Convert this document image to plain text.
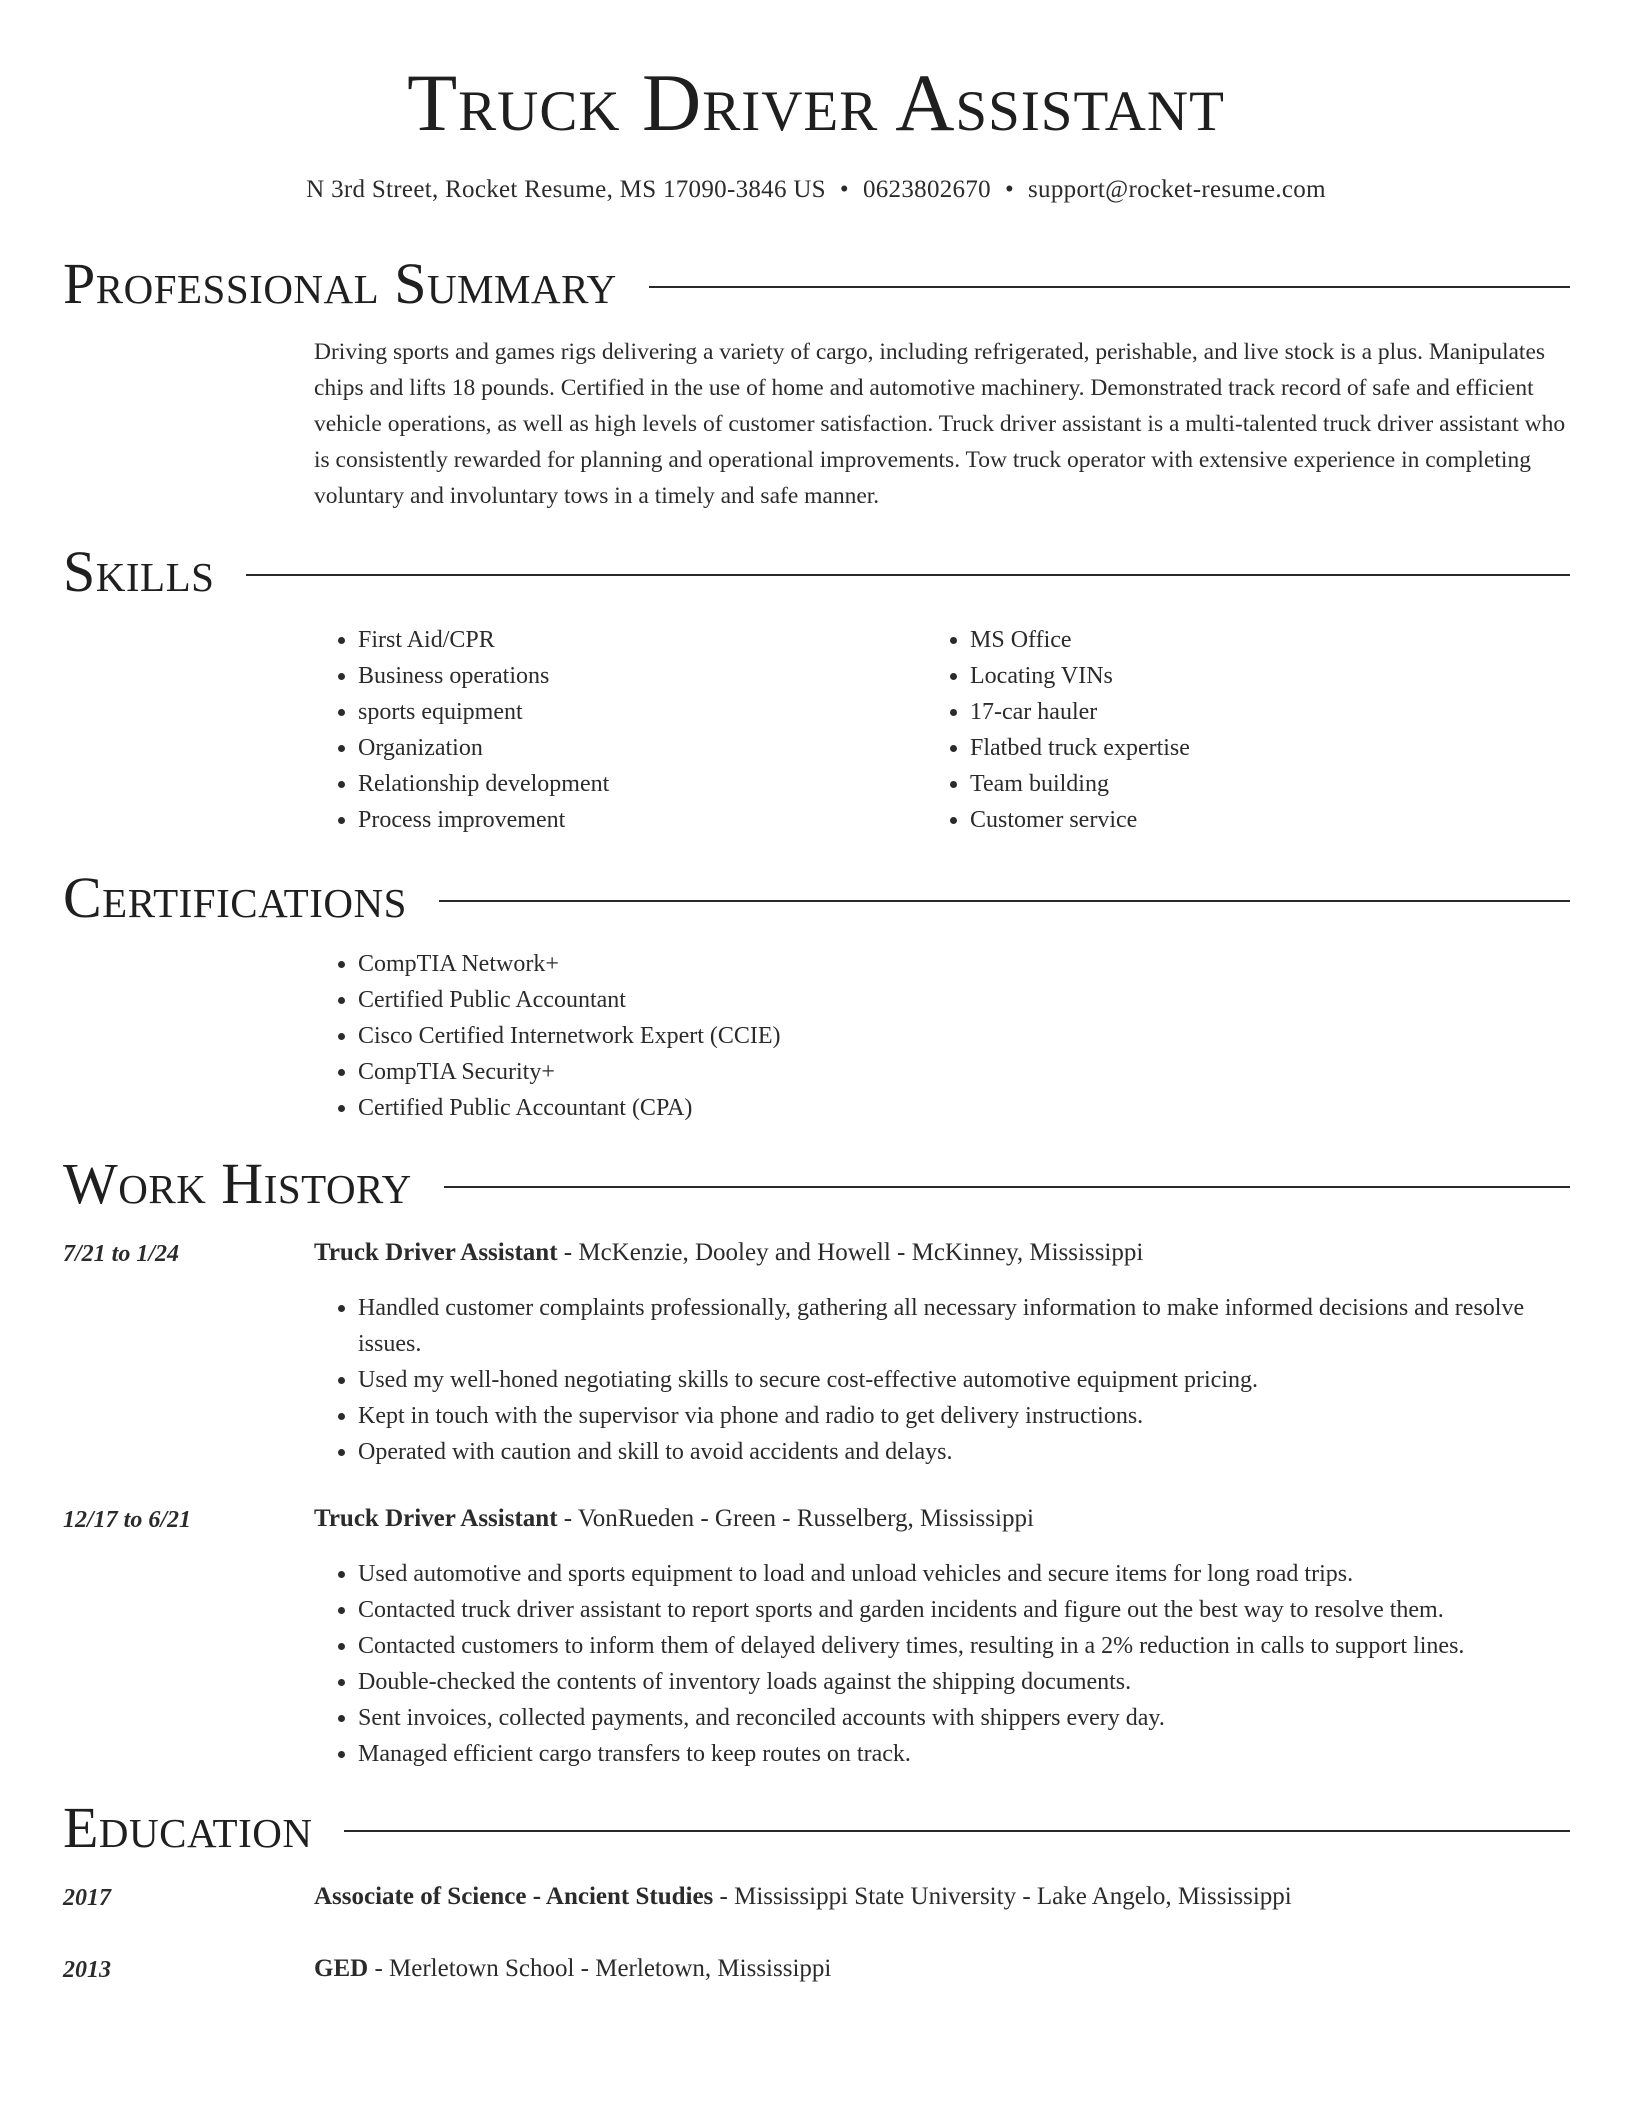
Truck Driver Assistant
N 3rd Street, Rocket Resume, MS 17090-3846 US • 0623802670 • support@rocket-resume.com
Professional Summary

Driving sports and games rigs delivering a variety of cargo, including refrigerated, perishable, and live stock is a plus. Manipulates chips and lifts 18 pounds. Certified in the use of home and automotive machinery. Demonstrated track record of safe and efficient vehicle operations, as well as high levels of customer satisfaction. Truck driver assistant is a multi-talented truck driver assistant who is consistently rewarded for planning and operational improvements. Tow truck operator with extensive experience in completing voluntary and involuntary tows in a timely and safe manner.

Skills
• First Aid/CPR
• Business operations
• sports equipment
• Organization
• Relationship development
• Process improvement
• MS Office
• Locating VINs
• 17-car hauler
• Flatbed truck expertise
• Team building
• Customer service
Certifications
• CompTIA Network+
• Certified Public Accountant
• Cisco Certified Internetwork Expert (CCIE)
• CompTIA Security+
• Certified Public Accountant (CPA)
Work History
7/21 to 1/24	Truck Driver Assistant - McKenzie, Dooley and Howell - McKinney, Mississippi
• Handled customer complaints professionally, gathering all necessary information to make informed decisions and resolve issues.
• Used my well-honed negotiating skills to secure cost-effective automotive equipment pricing.
• Kept in touch with the supervisor via phone and radio to get delivery instructions.
• Operated with caution and skill to avoid accidents and delays.
12/17 to 6/21	Truck Driver Assistant - VonRueden - Green - Russelberg, Mississippi
• Used automotive and sports equipment to load and unload vehicles and secure items for long road trips.
• Contacted truck driver assistant to report sports and garden incidents and figure out the best way to resolve them.
• Contacted customers to inform them of delayed delivery times, resulting in a 2% reduction in calls to support lines.
• Double-checked the contents of inventory loads against the shipping documents.
• Sent invoices, collected payments, and reconciled accounts with shippers every day.
• Managed efficient cargo transfers to keep routes on track.
Education
2017	Associate of Science - Ancient Studies - Mississippi State University - Lake Angelo, Mississippi
2013	GED - Merletown School - Merletown, Mississippi
